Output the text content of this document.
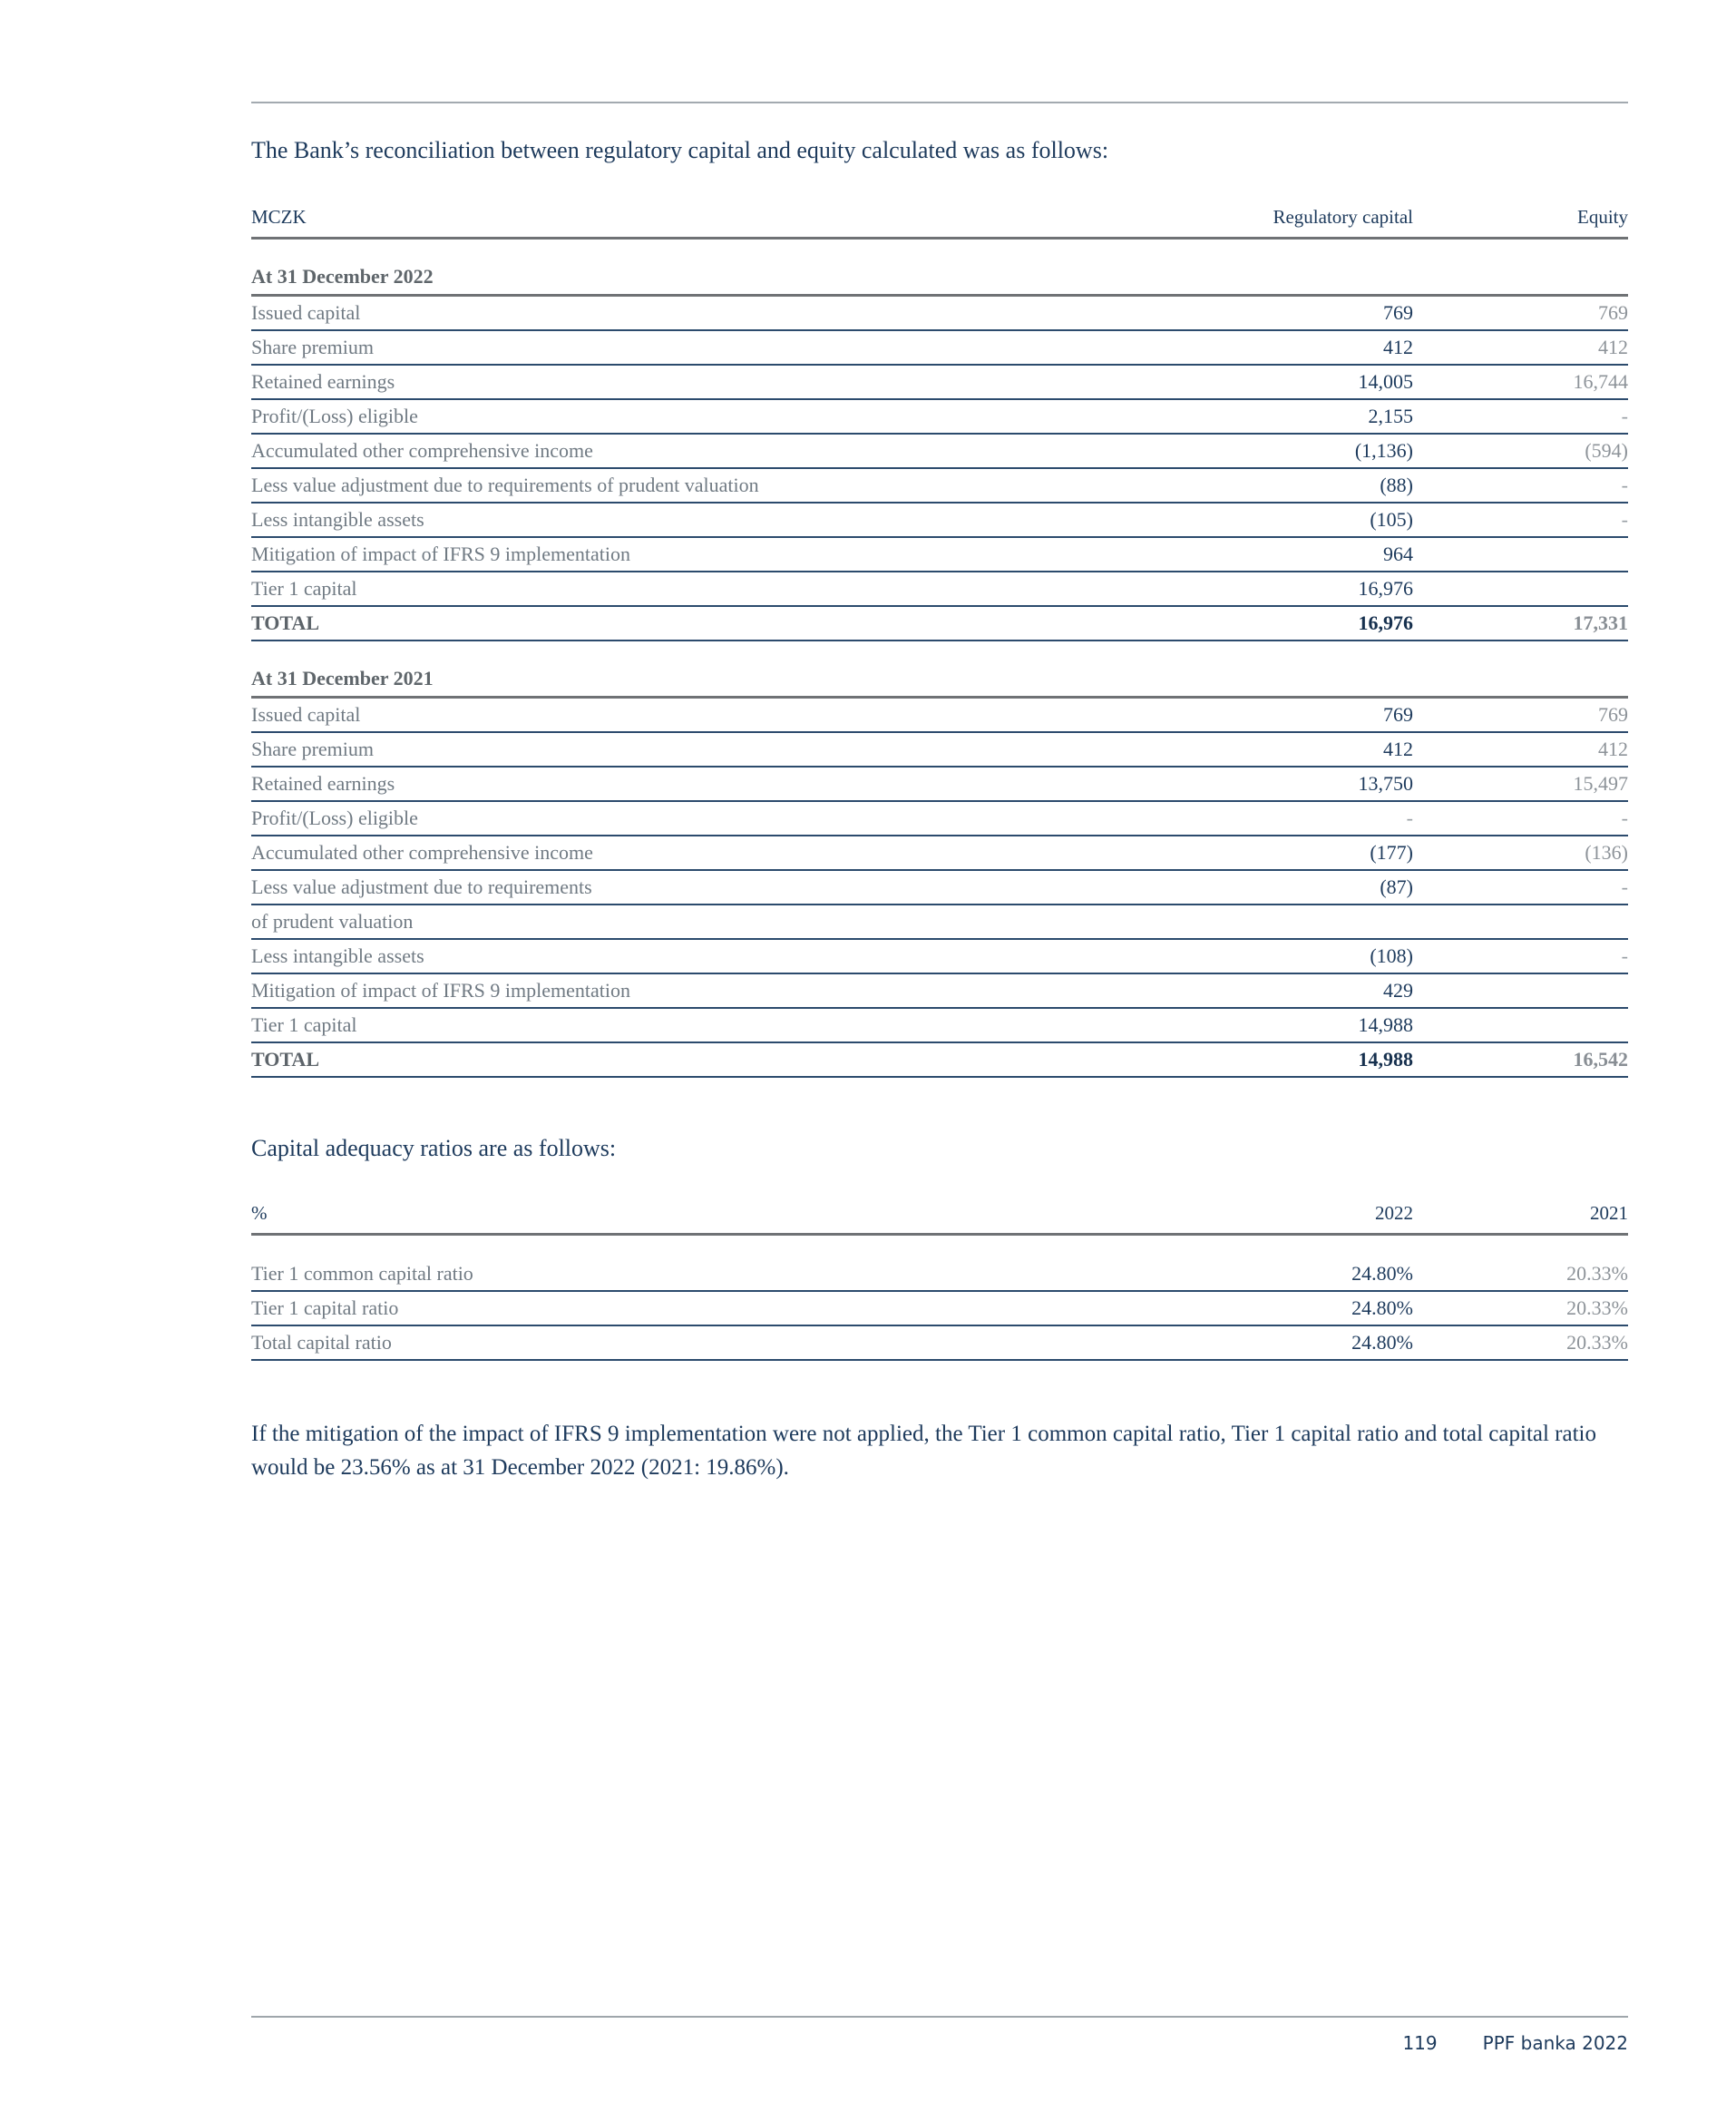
The Bank’s reconciliation between regulatory capital and equity calculated was as follows:

MCZK	Regulatory capital	Equity
At 31 December 2022
Issued capital	769	769
Share premium	412	412
Retained earnings	14,005	16,744
Profit/(Loss) eligible	2,155	-
Accumulated other comprehensive income	(1,136)	(594)
Less value adjustment due to requirements of prudent valuation	(88)	-
Less intangible assets	(105)	-
Mitigation of impact of IFRS 9 implementation	964
Tier 1 capital	16,976
TOTAL	16,976	17,331
At 31 December 2021
Issued capital	769	769
Share premium	412	412
Retained earnings	13,750	15,497
Profit/(Loss) eligible	-	-
Accumulated other comprehensive income	(177)	(136)
Less value adjustment due to requirements	(87)	-
of prudent valuation
Less intangible assets	(108)	-
Mitigation of impact of IFRS 9 implementation	429
Tier 1 capital	14,988
TOTAL	14,988	16,542

Capital adequacy ratios are as follows:

%	2022	2021
Tier 1 common capital ratio	24.80%	20.33%
Tier 1 capital ratio	24.80%	20.33%
Total capital ratio	24.80%	20.33%

If the mitigation of the impact of IFRS 9 implementation were not applied, the Tier 1 common capital ratio, Tier 1 capital ratio and total capital ratio would be 23.56% as at 31 December 2022 (2021: 19.86%).

119	PPF banka 2022
